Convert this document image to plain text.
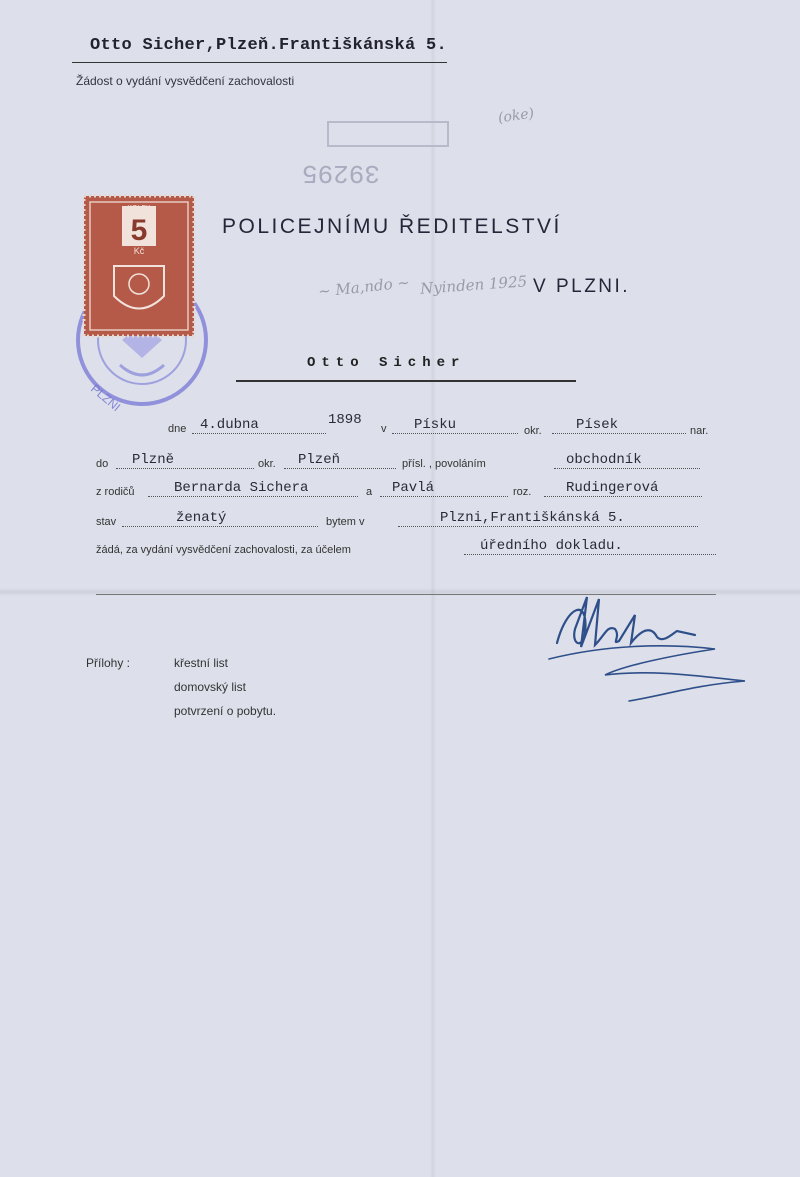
Otto Sicher,Plzeň.Františkánská 5.
Žádost o vydání vysvědčení zachovalosti
39295
(oke)
~ Ma,ndo ~ Nyinden 1925
PLZNI
KOLEK
5
Kč
POLICEJNÍMU ŘEDITELSTVÍ
V PLZNI.
Otto Sicher
dne 4.dubna	1898
v Písku	okr. Písek	nar.
do Plzně	okr. Plzeň	přísl. , povoláním	obchodník
z rodičů	Bernarda Sichera	a Pavlá	roz. Rudingerová
stav	ženatý	bytem v	Plzni,Františkánská 5.
žádá, za vydání vysvědčení zachovalosti, za účelem	úředního dokladu.
Přílohy :	křestní list
domovský list
potvrzení o pobytu.
